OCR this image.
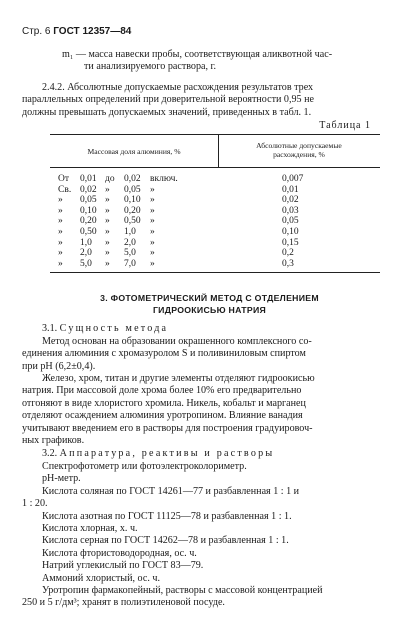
Стр. 6 ГОСТ 12357—84
m₁ — масса навески пробы, соответствующая аликвотной час-
ти анализируемого раствора, г.
2.4.2. Абсолютные допускаемые расхождения результатов трех
параллельных определений при доверительной вероятности 0,95 не
должны превышать допускаемых значений, приведенных в табл. 1.
Таблица 1
Массовая доля алюминия, %
Абсолютные допускаемые
расхождения, %
От 0,01 до 0,02 включ.	0,007
Св. 0,02 » 0,05 »	0,01
» 0,05 » 0,10 »	0,02
» 0,10 » 0,20 »	0,03
» 0,20 » 0,50 »	0,05
» 0,50 » 1,0 »	0,10
» 1,0 » 2,0 »	0,15
» 2,0 » 5,0 »	0,2
» 5,0 » 7,0 »	0,3
3. ФОТОМЕТРИЧЕСКИЙ МЕТОД С ОТДЕЛЕНИЕМ
ГИДРООКИСЬЮ НАТРИЯ
3.1. Сущность метода
Метод основан на образовании окрашенного комплексного со-
единения алюминия с хромазуролом S и поливиниловым спиртом
при pH (6,2±0,4).
Железо, хром, титан и другие элементы отделяют гидроокисью
натрия. При массовой доле хрома более 10% его предварительно
отгоняют в виде хлористого хромила. Никель, кобальт и марганец
отделяют осаждением алюминия уротропином. Влияние ванадия
учитывают введением его в растворы для построения градуировоч-
ных графиков.
3.2. Аппаратура, реактивы и растворы
Спектрофотометр или фотоэлектроколориметр.
pH-метр.
Кислота соляная по ГОСТ 14261—77 и разбавленная 1 : 1 и
1 : 20.
Кислота азотная по ГОСТ 11125—78 и разбавленная 1 : 1.
Кислота хлорная, х. ч.
Кислота серная по ГОСТ 14262—78 и разбавленная 1 : 1.
Кислота фтористоводородная, ос. ч.
Натрий углекислый по ГОСТ 83—79.
Аммоний хлористый, ос. ч.
Уротропин фармакопейный, растворы с массовой концентрацией
250 и 5 г/дм³; хранят в полиэтиленовой посуде.
